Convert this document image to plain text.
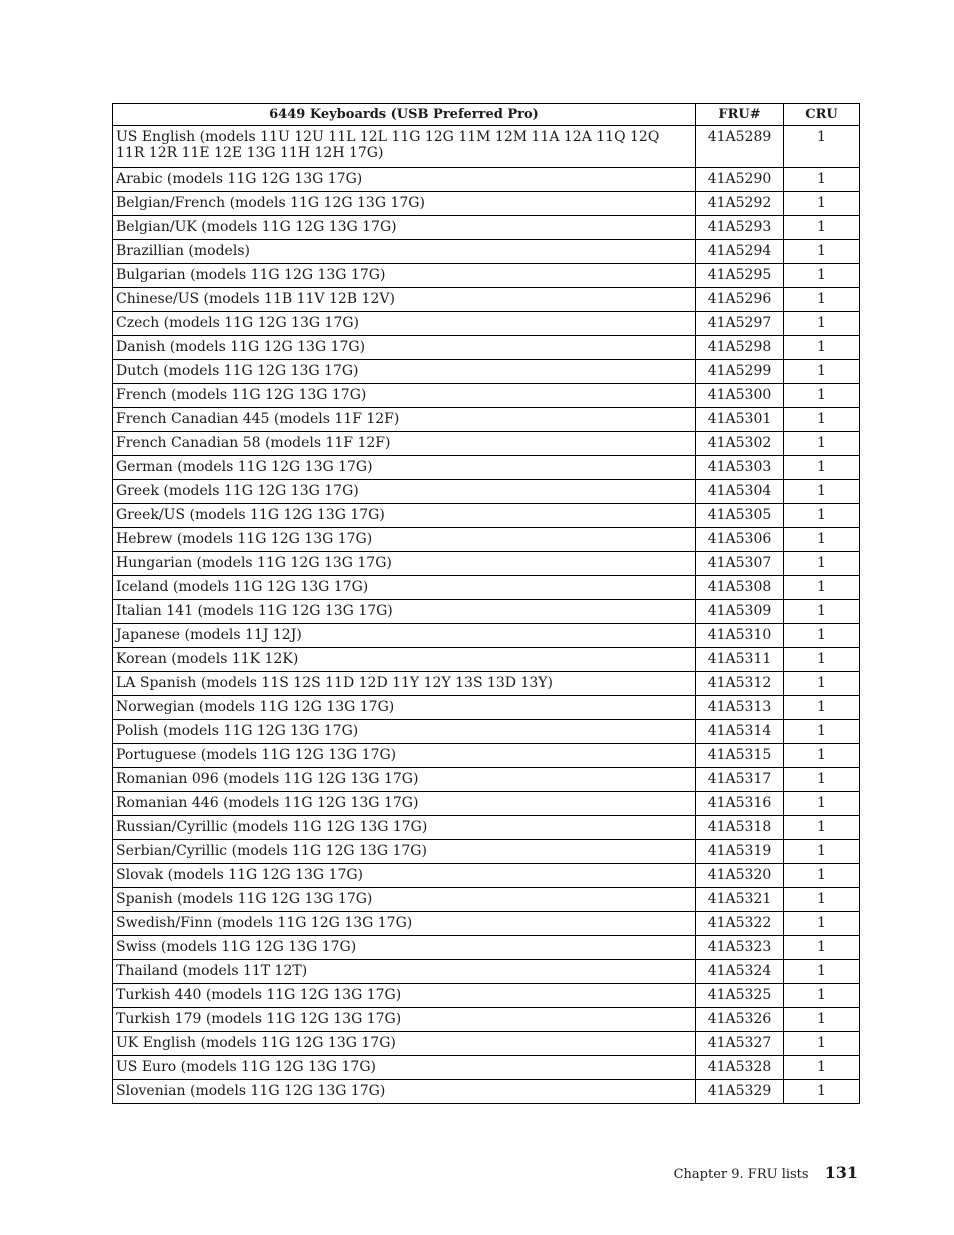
6449 Keyboards (USB Preferred Pro)	FRU#	CRU
US English (models 11U 12U 11L 12L 11G 12G 11M 12M 11A 12A 11Q 12Q 11R 12R 11E 12E 13G 11H 12H 17G)	41A5289	1
Arabic (models 11G 12G 13G 17G)	41A5290	1
Belgian/French (models 11G 12G 13G 17G)	41A5292	1
Belgian/UK (models 11G 12G 13G 17G)	41A5293	1
Brazillian (models)	41A5294	1
Bulgarian (models 11G 12G 13G 17G)	41A5295	1
Chinese/US (models 11B 11V 12B 12V)	41A5296	1
Czech (models 11G 12G 13G 17G)	41A5297	1
Danish (models 11G 12G 13G 17G)	41A5298	1
Dutch (models 11G 12G 13G 17G)	41A5299	1
French (models 11G 12G 13G 17G)	41A5300	1
French Canadian 445 (models 11F 12F)	41A5301	1
French Canadian 58 (models 11F 12F)	41A5302	1
German (models 11G 12G 13G 17G)	41A5303	1
Greek (models 11G 12G 13G 17G)	41A5304	1
Greek/US (models 11G 12G 13G 17G)	41A5305	1
Hebrew (models 11G 12G 13G 17G)	41A5306	1
Hungarian (models 11G 12G 13G 17G)	41A5307	1
Iceland (models 11G 12G 13G 17G)	41A5308	1
Italian 141 (models 11G 12G 13G 17G)	41A5309	1
Japanese (models 11J 12J)	41A5310	1
Korean (models 11K 12K)	41A5311	1
LA Spanish (models 11S 12S 11D 12D 11Y 12Y 13S 13D 13Y)	41A5312	1
Norwegian (models 11G 12G 13G 17G)	41A5313	1
Polish (models 11G 12G 13G 17G)	41A5314	1
Portuguese (models 11G 12G 13G 17G)	41A5315	1
Romanian 096 (models 11G 12G 13G 17G)	41A5317	1
Romanian 446 (models 11G 12G 13G 17G)	41A5316	1
Russian/Cyrillic (models 11G 12G 13G 17G)	41A5318	1
Serbian/Cyrillic (models 11G 12G 13G 17G)	41A5319	1
Slovak (models 11G 12G 13G 17G)	41A5320	1
Spanish (models 11G 12G 13G 17G)	41A5321	1
Swedish/Finn (models 11G 12G 13G 17G)	41A5322	1
Swiss (models 11G 12G 13G 17G)	41A5323	1
Thailand (models 11T 12T)	41A5324	1
Turkish 440 (models 11G 12G 13G 17G)	41A5325	1
Turkish 179 (models 11G 12G 13G 17G)	41A5326	1
UK English (models 11G 12G 13G 17G)	41A5327	1
US Euro (models 11G 12G 13G 17G)	41A5328	1
Slovenian (models 11G 12G 13G 17G)	41A5329	1
Chapter 9. FRU lists 131
